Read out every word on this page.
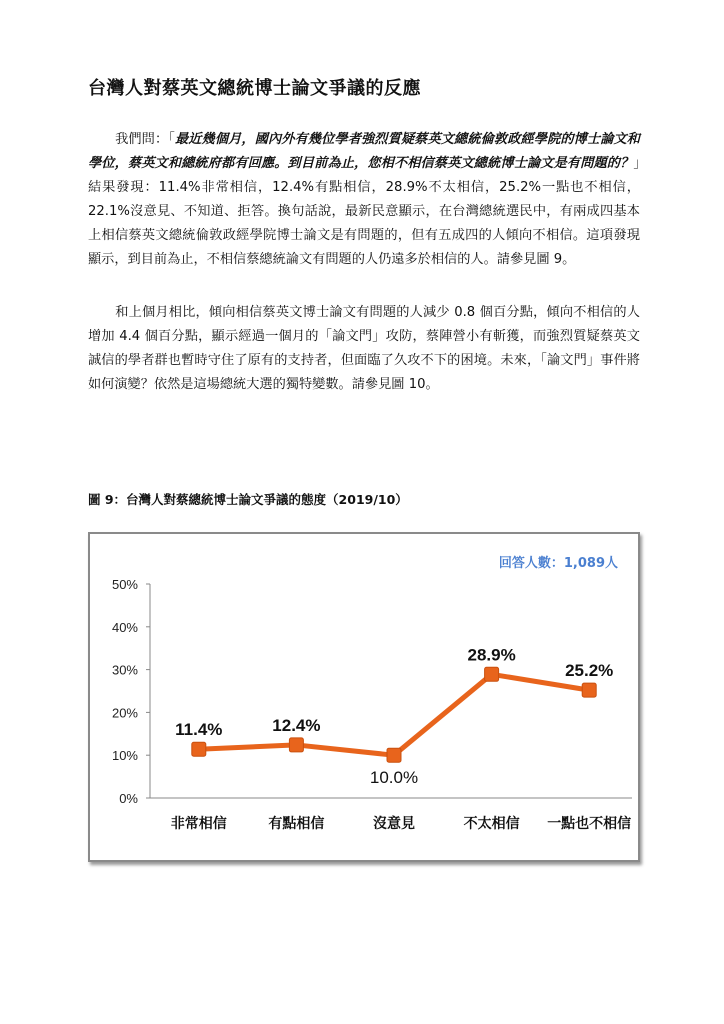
台灣人對蔡英文總統博士論文爭議的反應

我們問：「最近幾個月，國內外有幾位學者強烈質疑蔡英文總統倫敦政經學院的博士論文和學位，蔡英文和總統府都有回應。到目前為止，您相不相信蔡英文總統博士論文是有問題的？」結果發現：11.4%非常相信，12.4%有點相信，28.9%不太相信，25.2%一點也不相信，22.1%沒意見、不知道、拒答。換句話說，最新民意顯示，在台灣總統選民中，有兩成四基本上相信蔡英文總統倫敦政經學院博士論文是有問題的，但有五成四的人傾向不相信。這項發現顯示，到目前為止，不相信蔡總統論文有問題的人仍遠多於相信的人。請參見圖 9。

和上個月相比，傾向相信蔡英文博士論文有問題的人減少 0.8 個百分點，傾向不相信的人增加 4.4 個百分點，顯示經過一個月的「論文門」攻防，蔡陣營小有斬獲，而強烈質疑蔡英文誠信的學者群也暫時守住了原有的支持者，但面臨了久攻不下的困境。未來，「論文門」事件將如何演變？依然是這場總統大選的獨特變數。請參見圖 10。

圖 9：台灣人對蔡總統博士論文爭議的態度（2019/10）
0%
10%
20%
30%
40%
50%
非常相信	有點相信	沒意見	不太相信 一點也不相信
11.4%	12.4%
10.0%
28.9%
25.2%
回答人數：1,089人
